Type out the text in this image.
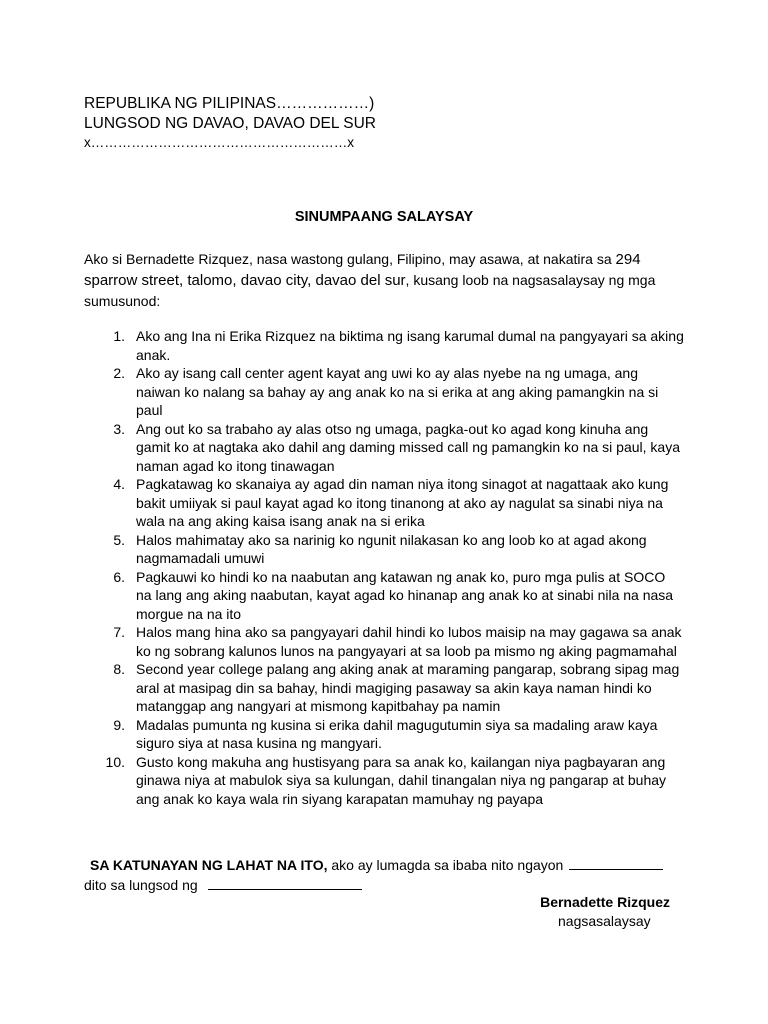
REPUBLIKA NG PILIPINAS………………)
LUNGSOD NG DAVAO, DAVAO DEL SUR
x…………………………………………………x
SINUMPAANG SALAYSAY
Ako si Bernadette Rizquez, nasa wastong gulang, Filipino, may asawa, at nakatira sa 294 sparrow street, talomo, davao city, davao del sur, kusang loob na nagsasalaysay ng mga sumusunod:
1. Ako ang Ina ni Erika Rizquez na biktima ng isang karumal dumal na pangyayari sa aking anak.
2. Ako ay isang call center agent kayat ang uwi ko ay alas nyebe na ng umaga, ang naiwan ko nalang sa bahay ay ang anak ko na si erika at ang aking pamangkin na si paul
3. Ang out ko sa trabaho ay alas otso ng umaga, pagka-out ko agad kong kinuha ang gamit ko at nagtaka ako dahil ang daming missed call ng pamangkin ko na si paul, kaya naman agad ko itong tinawagan
4. Pagkatawag ko skanaiya ay agad din naman niya itong sinagot at nagattaak ako kung bakit umiiyak si paul kayat agad ko itong tinanong at ako ay nagulat sa sinabi niya na wala na ang aking kaisa isang anak na si erika
5. Halos mahimatay ako sa narinig ko ngunit nilakasan ko ang loob ko at agad akong nagmamadali umuwi
6. Pagkauwi ko hindi ko na naabutan ang katawan ng anak ko, puro mga pulis at SOCO na lang ang aking naabutan, kayat agad ko hinanap ang anak ko at sinabi nila na nasa morgue na na ito
7. Halos mang hina ako sa pangyayari dahil hindi ko lubos maisip na may gagawa sa anak ko ng sobrang kalunos lunos na pangyayari at sa loob pa mismo ng aking pagmamahal
8. Second year college palang ang aking anak at maraming pangarap, sobrang sipag mag aral at masipag din sa bahay, hindi magiging pasaway sa akin kaya naman hindi ko matanggap ang nangyari at mismong kapitbahay pa namin
9. Madalas pumunta ng kusina si erika dahil magugutumin siya sa madaling araw kaya siguro siya at nasa kusina ng mangyari.
10. Gusto kong makuha ang hustisyang para sa anak ko, kailangan niya pagbayaran ang ginawa niya at mabulok siya sa kulungan, dahil tinangalan niya ng pangarap at buhay ang anak ko kaya wala rin siyang karapatan mamuhay ng payapa
SA KATUNAYAN NG LAHAT NA ITO, ako ay lumagda sa ibaba nito ngayon
dito sa lungsod ng
Bernadette Rizquez
nagsasalaysay
